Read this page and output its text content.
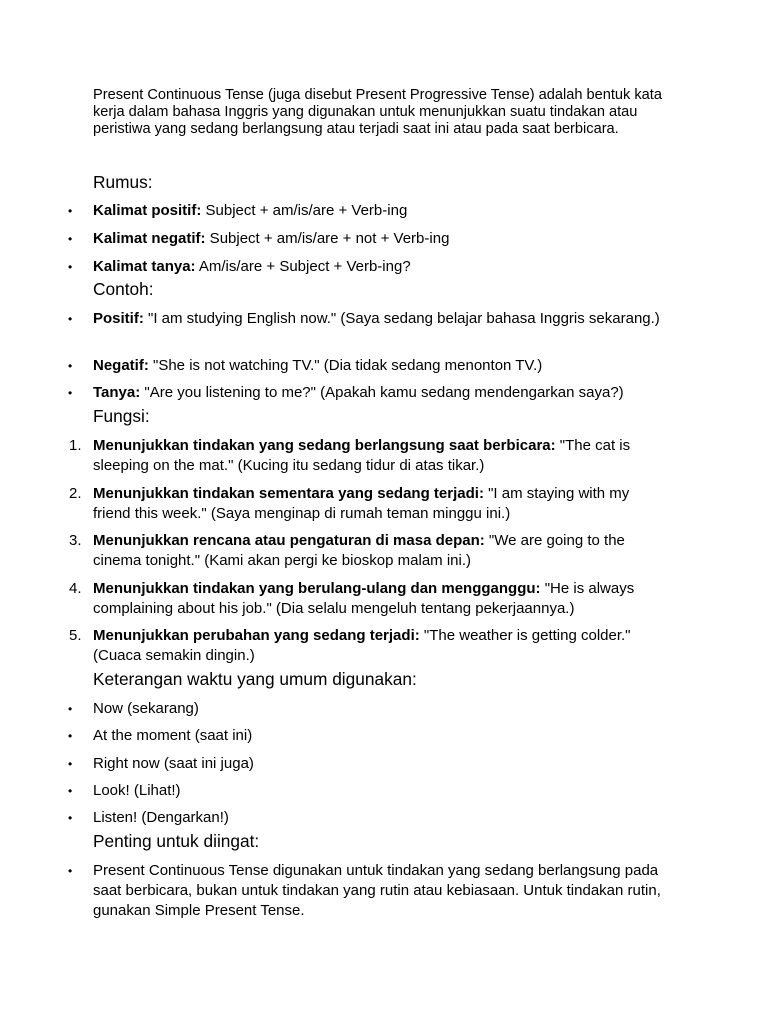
Present Continuous Tense (juga disebut Present Progressive Tense) adalah bentuk kata kerja dalam bahasa Inggris yang digunakan untuk menunjukkan suatu tindakan atau peristiwa yang sedang berlangsung atau terjadi saat ini atau pada saat berbicara.

Rumus:
• Kalimat positif: Subject + am/is/are + Verb-ing

• Kalimat negatif: Subject + am/is/are + not + Verb-ing

• Kalimat tanya: Am/is/are + Subject + Verb-ing?

Contoh:
• Positif: "I am studying English now." (Saya sedang belajar bahasa Inggris sekarang.)

• Negatif: "She is not watching TV." (Dia tidak sedang menonton TV.)

• Tanya: "Are you listening to me?" (Apakah kamu sedang mendengarkan saya?)

Fungsi:
1. Menunjukkan tindakan yang sedang berlangsung saat berbicara: "The cat is sleeping on the mat." (Kucing itu sedang tidur di atas tikar.)

2. Menunjukkan tindakan sementara yang sedang terjadi: "I am staying with my friend this week." (Saya menginap di rumah teman minggu ini.)

3. Menunjukkan rencana atau pengaturan di masa depan: "We are going to the cinema tonight." (Kami akan pergi ke bioskop malam ini.)

4. Menunjukkan tindakan yang berulang-ulang dan mengganggu: "He is always complaining about his job." (Dia selalu mengeluh tentang pekerjaannya.)

5. Menunjukkan perubahan yang sedang terjadi: "The weather is getting colder." (Cuaca semakin dingin.)

Keterangan waktu yang umum digunakan:
• Now (sekarang)

• At the moment (saat ini)

• Right now (saat ini juga)

• Look! (Lihat!)

• Listen! (Dengarkan!)

Penting untuk diingat:
• Present Continuous Tense digunakan untuk tindakan yang sedang berlangsung pada saat berbicara, bukan untuk tindakan yang rutin atau kebiasaan. Untuk tindakan rutin, gunakan Simple Present Tense.
